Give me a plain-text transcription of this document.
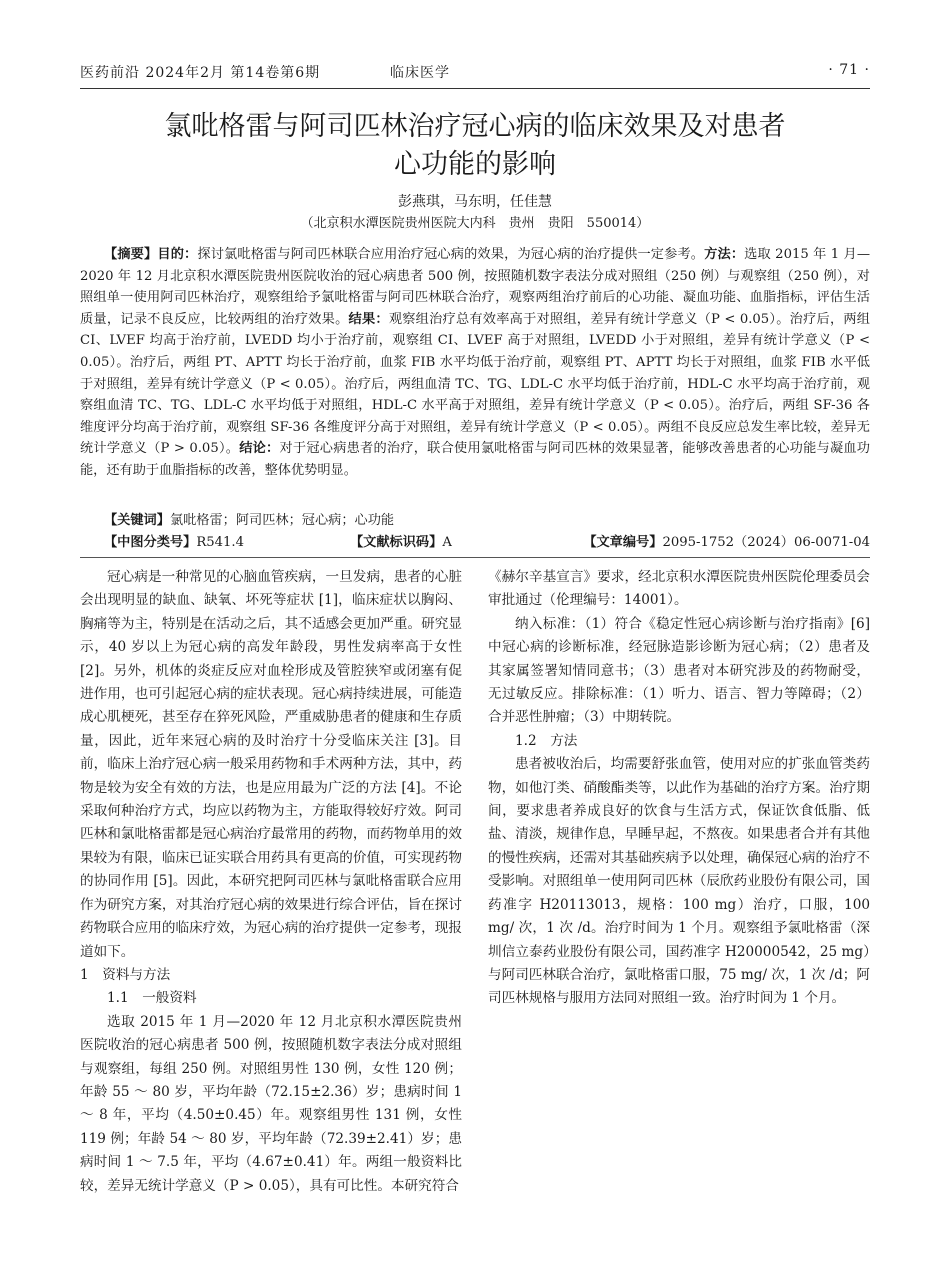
医药前沿 2024年2月 第14卷第6期	临床医学	· 71 ·
氯吡格雷与阿司匹林治疗冠心病的临床效果及对患者
心功能的影响
彭燕琪，马东明，任佳慧
（北京积水潭医院贵州医院大内科　贵州　贵阳　550014）
【摘要】目的：探讨氯吡格雷与阿司匹林联合应用治疗冠心病的效果，为冠心病的治疗提供一定参考。方法：选取 2015 年 1 月—2020 年 12 月北京积水潭医院贵州医院收治的冠心病患者 500 例，按照随机数字表法分成对照组（250 例）与观察组（250 例），对照组单一使用阿司匹林治疗，观察组给予氯吡格雷与阿司匹林联合治疗，观察两组治疗前后的心功能、凝血功能、血脂指标，评估生活质量，记录不良反应，比较两组的治疗效果。结果：观察组治疗总有效率高于对照组，差异有统计学意义（P < 0.05）。治疗后，两组 CI、LVEF 均高于治疗前，LVEDD 均小于治疗前，观察组 CI、LVEF 高于对照组，LVEDD 小于对照组，差异有统计学意义（P < 0.05）。治疗后，两组 PT、APTT 均长于治疗前，血浆 FIB 水平均低于治疗前，观察组 PT、APTT 均长于对照组，血浆 FIB 水平低于对照组，差异有统计学意义（P < 0.05）。治疗后，两组血清 TC、TG、LDL-C 水平均低于治疗前，HDL-C 水平均高于治疗前，观察组血清 TC、TG、LDL-C 水平均低于对照组，HDL-C 水平高于对照组，差异有统计学意义（P < 0.05）。治疗后，两组 SF-36 各维度评分均高于治疗前，观察组 SF-36 各维度评分高于对照组，差异有统计学意义（P < 0.05）。两组不良反应总发生率比较，差异无统计学意义（P > 0.05）。结论：对于冠心病患者的治疗，联合使用氯吡格雷与阿司匹林的效果显著，能够改善患者的心功能与凝血功能，还有助于血脂指标的改善，整体优势明显。
【关键词】氯吡格雷；阿司匹林；冠心病；心功能
【中图分类号】R541.4	【文献标识码】A	【文章编号】2095-1752（2024）06-0071-04

冠心病是一种常见的心脑血管疾病，一旦发病，患者的心脏会出现明显的缺血、缺氧、坏死等症状 [1]，临床症状以胸闷、胸痛等为主，特别是在活动之后，其不适感会更加严重。研究显示，40 岁以上为冠心病的高发年龄段，男性发病率高于女性 [2]。另外，机体的炎症反应对血栓形成及管腔狭窄或闭塞有促进作用，也可引起冠心病的症状表现。冠心病持续进展，可能造成心肌梗死，甚至存在猝死风险，严重威胁患者的健康和生存质量，因此，近年来冠心病的及时治疗十分受临床关注 [3]。目前，临床上治疗冠心病一般采用药物和手术两种方法，其中，药物是较为安全有效的方法，也是应用最为广泛的方法 [4]。不论采取何种治疗方式，均应以药物为主，方能取得较好疗效。阿司匹林和氯吡格雷都是冠心病治疗最常用的药物，而药物单用的效果较为有限，临床已证实联合用药具有更高的价值，可实现药物的协同作用 [5]。因此，本研究把阿司匹林与氯吡格雷联合应用作为研究方案，对其治疗冠心病的效果进行综合评估，旨在探讨药物联合应用的临床疗效，为冠心病的治疗提供一定参考，现报道如下。

1　资料与方法

1.1　一般资料

选取 2015 年 1 月—2020 年 12 月北京积水潭医院贵州医院收治的冠心病患者 500 例，按照随机数字表法分成对照组与观察组，每组 250 例。对照组男性 130 例，女性 120 例；年龄 55 ～ 80 岁，平均年龄（72.15±2.36）岁；患病时间 1 ～ 8 年，平均（4.50±0.45）年。观察组男性 131 例，女性 119 例；年龄 54 ～ 80 岁，平均年龄（72.39±2.41）岁；患病时间 1 ～ 7.5 年，平均（4.67±0.41）年。两组一般资料比较，差异无统计学意义（P > 0.05），具有可比性。本研究符合

《赫尔辛基宣言》要求，经北京积水潭医院贵州医院伦理委员会审批通过（伦理编号：14001）。

纳入标准：（1）符合《稳定性冠心病诊断与治疗指南》[6] 中冠心病的诊断标准，经冠脉造影诊断为冠心病；（2）患者及其家属签署知情同意书；（3）患者对本研究涉及的药物耐受，无过敏反应。排除标准：（1）听力、语言、智力等障碍；（2）合并恶性肿瘤；（3）中期转院。

1.2　方法

患者被收治后，均需要舒张血管，使用对应的扩张血管类药物，如他汀类、硝酸酯类等，以此作为基础的治疗方案。治疗期间，要求患者养成良好的饮食与生活方式，保证饮食低脂、低盐、清淡，规律作息，早睡早起，不熬夜。如果患者合并有其他的慢性疾病，还需对其基础疾病予以处理，确保冠心病的治疗不受影响。对照组单一使用阿司匹林（辰欣药业股份有限公司，国药准字 H20113013，规格：100 mg）治疗，口服，100 mg/ 次，1 次 /d。治疗时间为 1 个月。观察组予氯吡格雷（深圳信立泰药业股份有限公司，国药准字 H20000542，25 mg）与阿司匹林联合治疗，氯吡格雷口服，75 mg/ 次，1 次 /d；阿司匹林规格与服用方法同对照组一致。治疗时间为 1 个月。
